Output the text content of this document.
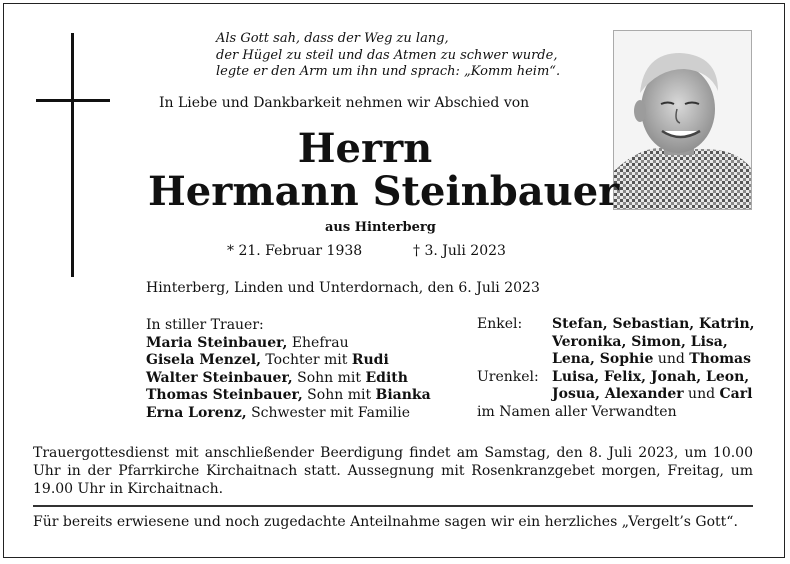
Als Gott sah, dass der Weg zu lang,
der Hügel zu steil und das Atmen zu schwer wurde,
legte er den Arm um ihn und sprach: „Komm heim“.
In Liebe und Dankbarkeit nehmen wir Abschied von
Herrn
Hermann Steinbauer
aus Hinterberg
* 21. Februar 1938	† 3. Juli 2023
Hinterberg, Linden und Unterdornach, den 6. Juli 2023
In stiller Trauer:
Maria Steinbauer, Ehefrau
Gisela Menzel, Tochter mit Rudi
Walter Steinbauer, Sohn mit Edith
Thomas Steinbauer, Sohn mit Bianka
Erna Lorenz, Schwester mit Familie
Enkel:	Stefan, Sebastian, Katrin,
Veronika, Simon, Lisa,
Lena, Sophie und Thomas
Urenkel: Luisa, Felix, Jonah, Leon,
Josua, Alexander und Carl
im Namen aller Verwandten
Trauergottesdienst mit anschließender Beerdigung findet am Samstag, den 8. Juli 2023, um 10.00 Uhr in der Pfarrkirche Kirchaitnach statt. Aussegnung mit Rosenkranzgebet morgen, Freitag, um 19.00 Uhr in Kirchaitnach.
Für bereits erwiesene und noch zugedachte Anteilnahme sagen wir ein herzliches „Vergelt’s Gott“.
